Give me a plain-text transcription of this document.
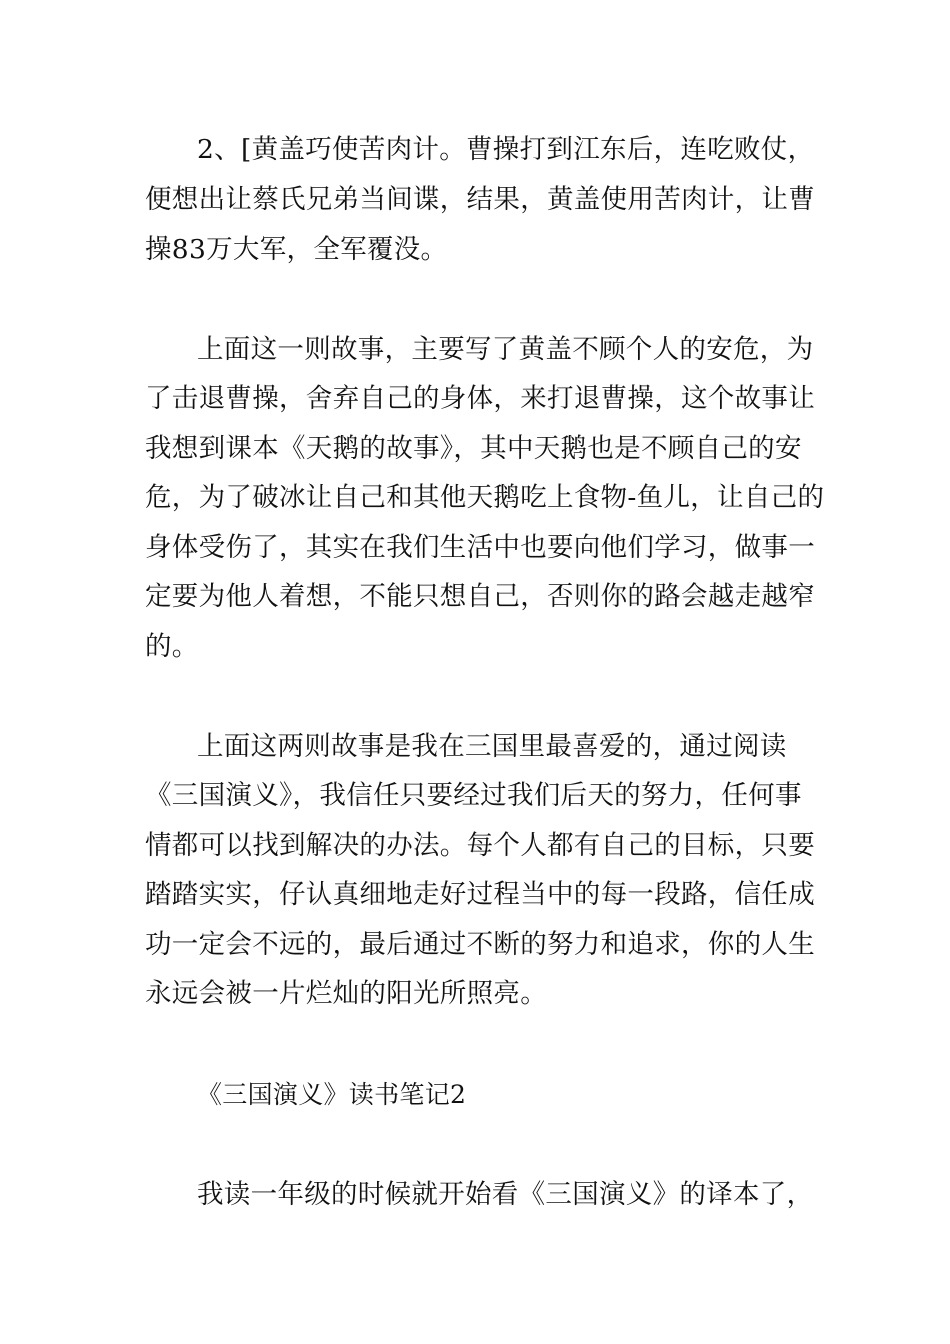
2、[黄盖巧使苦肉计。曹操打到江东后，连吃败仗，
便想出让蔡氏兄弟当间谍，结果，黄盖使用苦肉计，让曹
操83万大军，全军覆没。
上面这一则故事，主要写了黄盖不顾个人的安危，为
了击退曹操，舍弃自己的身体，来打退曹操，这个故事让
我想到课本《天鹅的故事》，其中天鹅也是不顾自己的安
危，为了破冰让自己和其他天鹅吃上食物-鱼儿，让自己的
身体受伤了，其实在我们生活中也要向他们学习，做事一
定要为他人着想，不能只想自己，否则你的路会越走越窄
的。
上面这两则故事是我在三国里最喜爱的，通过阅读
《三国演义》，我信任只要经过我们后天的努力，任何事
情都可以找到解决的办法。每个人都有自己的目标，只要
踏踏实实，仔认真细地走好过程当中的每一段路，信任成
功一定会不远的，最后通过不断的努力和追求，你的人生
永远会被一片烂灿的阳光所照亮。
《三国演义》读书笔记2
我读一年级的时候就开始看《三国演义》的译本了，
